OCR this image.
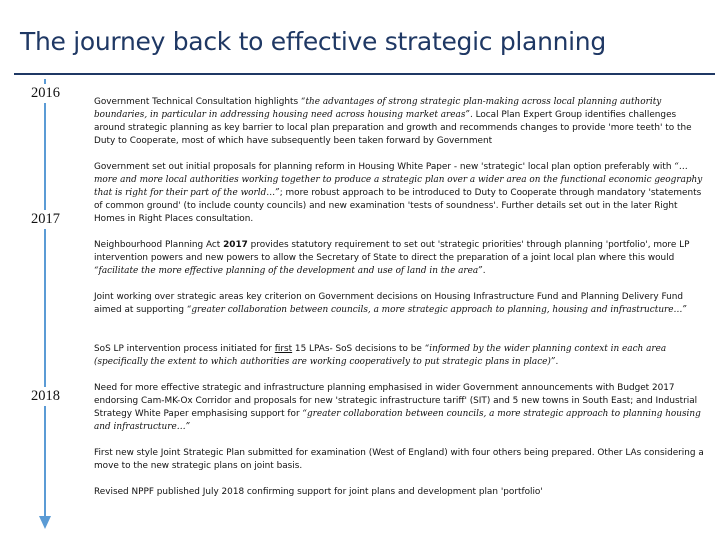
The journey back to effective strategic planning
2016
2017
2018

Government Technical Consultation highlights “the advantages of strong strategic plan-making across local planning authority boundaries, in particular in addressing housing need across housing market areas”. Local Plan Expert Group identifies challenges around strategic planning as key barrier to local plan preparation and growth and recommends changes to provide 'more teeth' to the Duty to Cooperate, most of which have subsequently been taken forward by Government

Government set out initial proposals for planning reform in Housing White Paper - new 'strategic' local plan option preferably with “…more and more local authorities working together to produce a strategic plan over a wider area on the functional economic geography that is right for their part of the world…”; more robust approach to be introduced to Duty to Cooperate through mandatory 'statements of common ground' (to include county councils) and new examination 'tests of soundness'. Further details set out in the later Right Homes in Right Places consultation.

Neighbourhood Planning Act 2017 provides statutory requirement to set out 'strategic priorities' through planning 'portfolio', more LP intervention powers and new powers to allow the Secretary of State to direct the preparation of a joint local plan where this would “facilitate the more effective planning of the development and use of land in the area”.

Joint working over strategic areas key criterion on Government decisions on Housing Infrastructure Fund and Planning Delivery Fund aimed at supporting “greater collaboration between councils, a more strategic approach to planning, housing and infrastructure…”

SoS LP intervention process initiated for first 15 LPAs- SoS decisions to be “informed by the wider planning context in each area (specifically the extent to which authorities are working cooperatively to put strategic plans in place)”.

Need for more effective strategic and infrastructure planning emphasised in wider Government announcements with Budget 2017 endorsing Cam-MK-Ox Corridor and proposals for new 'strategic infrastructure tariff' (SIT) and 5 new towns in South East; and Industrial Strategy White Paper emphasising support for “greater collaboration between councils, a more strategic approach to planning housing and infrastructure…”

First new style Joint Strategic Plan submitted for examination (West of England) with four others being prepared. Other LAs considering a move to the new strategic plans on joint basis.

Revised NPPF published July 2018 confirming support for joint plans and development plan 'portfolio'
